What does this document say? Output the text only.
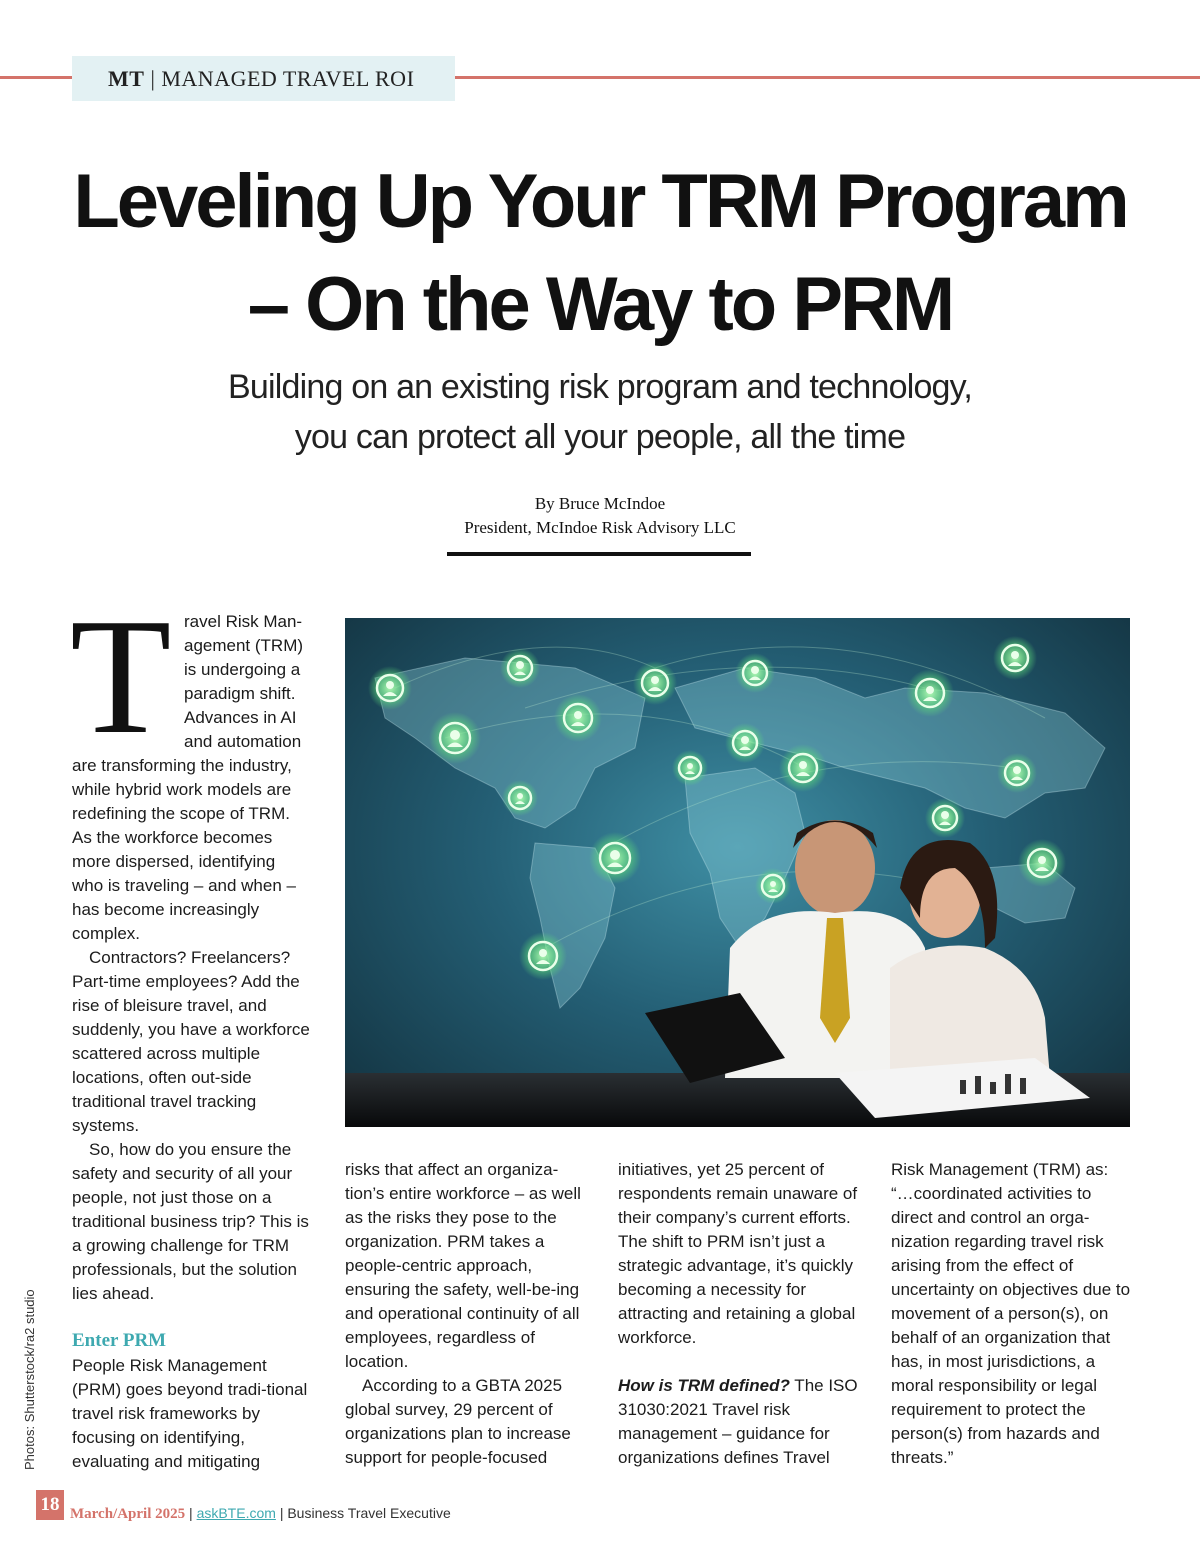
MT | MANAGED TRAVEL ROI
Leveling Up Your TRM Program
– On the Way to PRM
Building on an existing risk program and technology,
you can protect all your people, all the time
By Bruce McIndoe
President, McIndoe Risk Advisory LLC
T ravel Risk Man-
agement (TRM)
is undergoing a
paradigm shift.
Advances in AI
and automation

are transforming the industry, while hybrid work models are redefining the scope of TRM. As the workforce becomes more dispersed, identifying who is traveling – and when – has become increasingly complex.

Contractors? Freelancers? Part-time employees? Add the rise of bleisure travel, and suddenly, you have a workforce scattered across multiple locations, often out-side traditional travel tracking systems.

So, how do you ensure the safety and security of all your people, not just those on a traditional business trip? This is a growing challenge for TRM professionals, but the solution lies ahead.

Enter PRM

People Risk Management (PRM) goes beyond tradi-tional travel risk frameworks by focusing on identifying, evaluating and mitigating

risks that affect an organiza-tion’s entire workforce – as well as the risks they pose to the organization. PRM takes a people-centric approach, ensuring the safety, well-be-ing and operational continuity of all employees, regardless of location.

According to a GBTA 2025 global survey, 29 percent of organizations plan to increase support for people-focused

initiatives, yet 25 percent of respondents remain unaware of their company’s current efforts. The shift to PRM isn’t just a strategic advantage, it’s quickly becoming a necessity for attracting and retaining a global workforce.

How is TRM defined? The ISO 31030:2021 Travel risk management – guidance for organizations defines Travel

Risk Management (TRM) as: “…coordinated activities to direct and control an orga-nization regarding travel risk arising from the effect of uncertainty on objectives due to movement of a person(s), on behalf of an organization that has, in most jurisdictions, a moral responsibility or legal requirement to protect the person(s) from hazards and threats.”

Photos: Shutterstock/ra2 studio
18 March/April 2025 | askBTE.com | Business Travel Executive
